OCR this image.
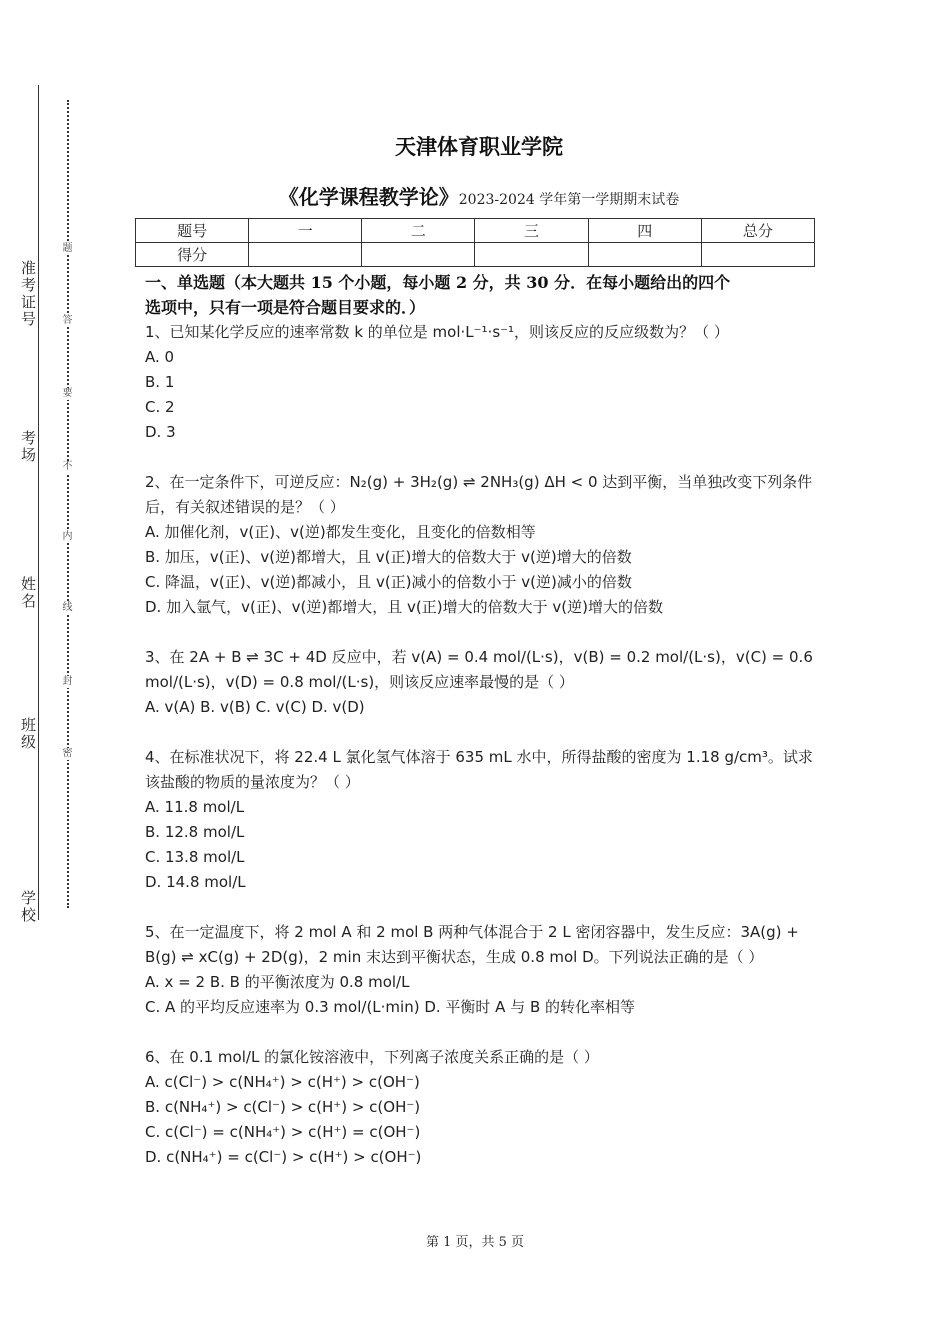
准考证号
考场
姓名
班级
学校
题
答
要
不
内
线
封
密
天津体育职业学院
《化学课程教学论》2023-2024 学年第一学期期末试卷
题号	一	二	三	四	总分
得分					
一、单选题（本大题共 15 个小题，每小题 2 分，共 30 分．在每小题给出的四个
选项中，只有一项是符合题目要求的．）

1、已知某化学反应的速率常数 k 的单位是 mol·L⁻¹·s⁻¹，则该反应的反应级数为？（ ）

A. 0

B. 1

C. 2

D. 3

2、在一定条件下，可逆反应：N₂(g) + 3H₂(g) ⇌ 2NH₃(g) ΔH < 0 达到平衡，当单独改变下列条件后，有关叙述错误的是？（ ）

A. 加催化剂，v(正)、v(逆)都发生变化，且变化的倍数相等

B. 加压，v(正)、v(逆)都增大，且 v(正)增大的倍数大于 v(逆)增大的倍数

C. 降温，v(正)、v(逆)都减小，且 v(正)减小的倍数小于 v(逆)减小的倍数

D. 加入氩气，v(正)、v(逆)都增大，且 v(正)增大的倍数大于 v(逆)增大的倍数

3、在 2A + B ⇌ 3C + 4D 反应中，若 v(A) = 0.4 mol/(L·s)，v(B) = 0.2 mol/(L·s)，v(C) = 0.6 mol/(L·s)，v(D) = 0.8 mol/(L·s)，则该反应速率最慢的是（ ）

A. v(A) B. v(B) C. v(C) D. v(D)

4、在标准状况下，将 22.4 L 氯化氢气体溶于 635 mL 水中，所得盐酸的密度为 1.18 g/cm³。试求该盐酸的物质的量浓度为？（ ）

A. 11.8 mol/L

B. 12.8 mol/L

C. 13.8 mol/L

D. 14.8 mol/L

5、在一定温度下，将 2 mol A 和 2 mol B 两种气体混合于 2 L 密闭容器中，发生反应：3A(g) + B(g) ⇌ xC(g) + 2D(g)，2 min 末达到平衡状态，生成 0.8 mol D。下列说法正确的是（ ）

A. x = 2 B. B 的平衡浓度为 0.8 mol/L

C. A 的平均反应速率为 0.3 mol/(L·min) D. 平衡时 A 与 B 的转化率相等

6、在 0.1 mol/L 的氯化铵溶液中，下列离子浓度关系正确的是（ ）

A. c(Cl⁻) > c(NH₄⁺) > c(H⁺) > c(OH⁻)

B. c(NH₄⁺) > c(Cl⁻) > c(H⁺) > c(OH⁻)

C. c(Cl⁻) = c(NH₄⁺) > c(H⁺) = c(OH⁻)

D. c(NH₄⁺) = c(Cl⁻) > c(H⁺) > c(OH⁻)

第 1 页，共 5 页
